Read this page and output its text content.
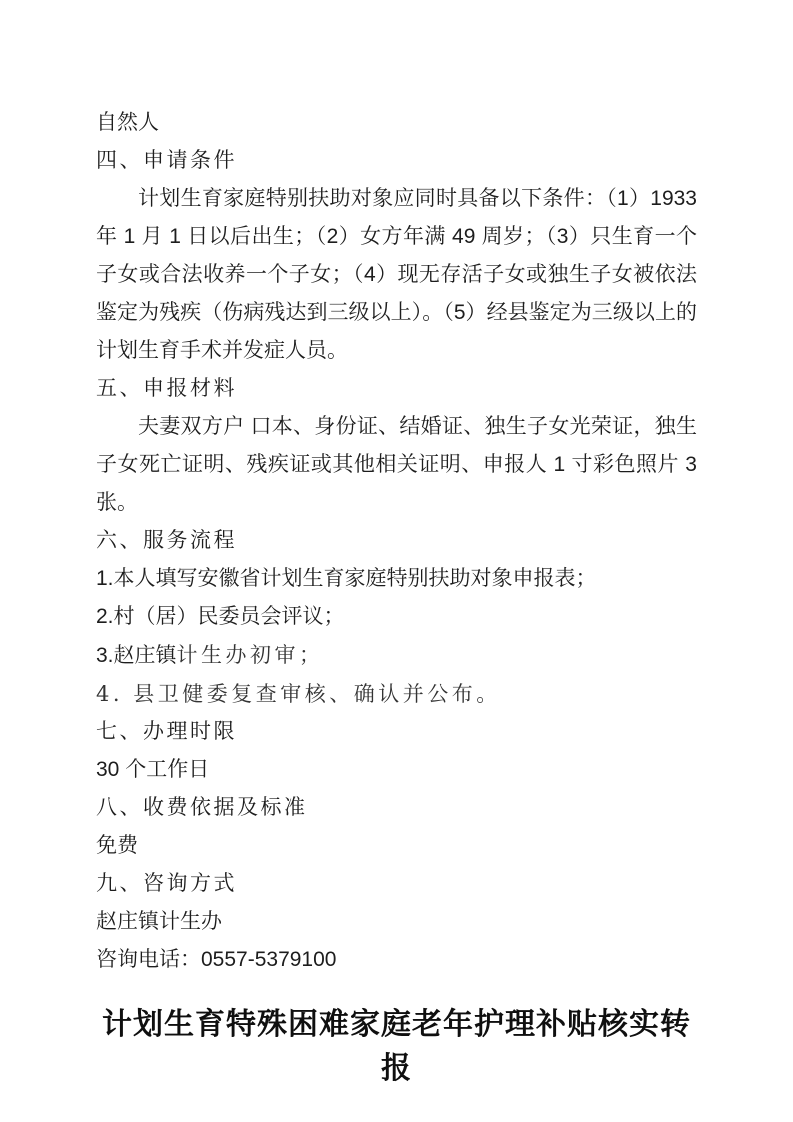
自然人

四、申请条件

计划生育家庭特别扶助对象应同时具备以下条件：（1）1933 年 1 月 1 日以后出生；（2）女方年满 49 周岁；（3）只生育一个子女或合法收养一个子女；（4）现无存活子女或独生子女被依法鉴定为残疾（伤病残达到三级以上）。（5）经县鉴定为三级以上的计划生育手术并发症人员。

五、申报材料

夫妻双方户 口本、身份证、结婚证、独生子女光荣证，独生子女死亡证明、残疾证或其他相关证明、申报人 1 寸彩色照片 3 张。

六、服务流程

1.本人填写安徽省计划生育家庭特别扶助对象申报表；

2.村（居）民委员会评议；

3.赵庄镇计生办初审；

4. 县卫健委复查审核、确认并公布。

七、办理时限

30 个工作日

八、收费依据及标准

免费

九、咨询方式

赵庄镇计生办

咨询电话：0557-5379100

计划生育特殊困难家庭老年护理补贴核实转报
